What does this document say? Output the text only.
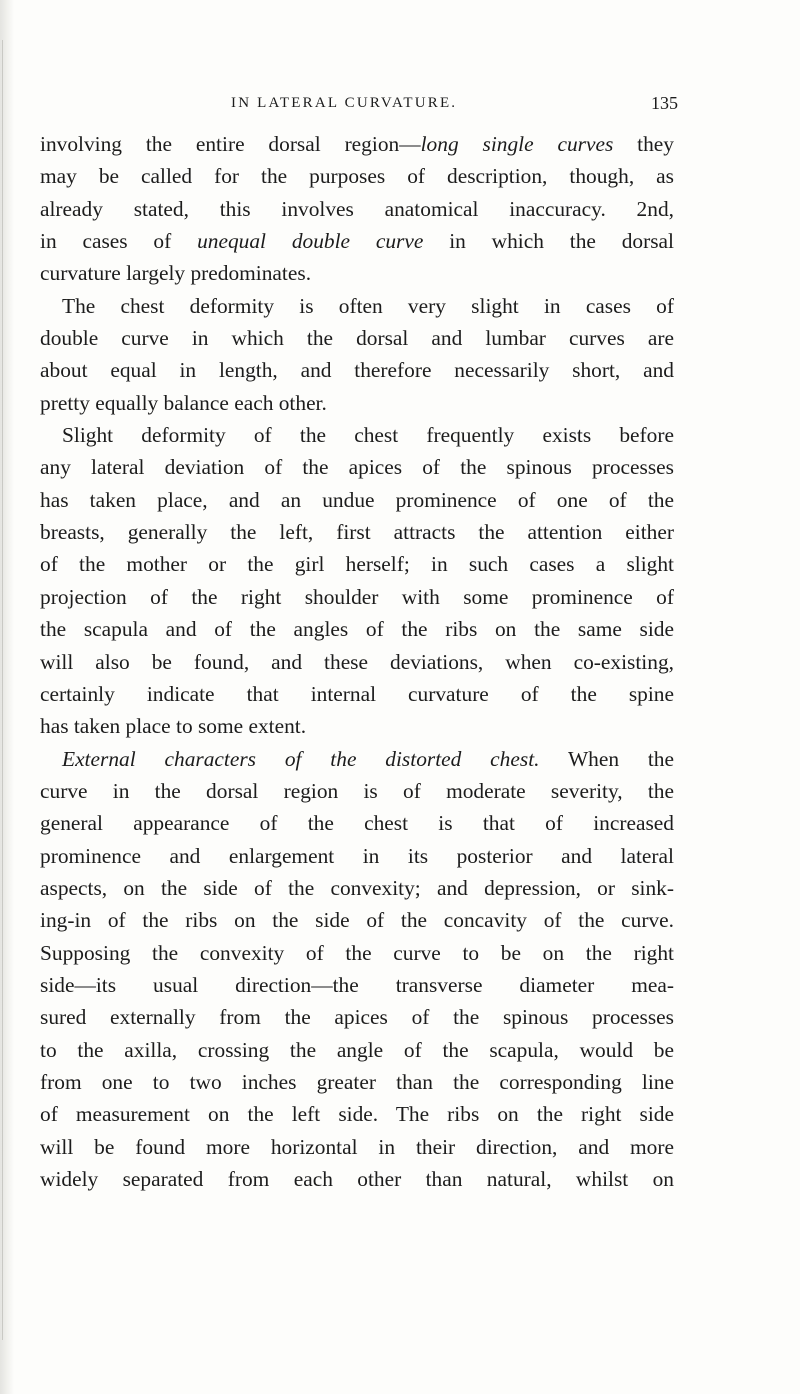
IN LATERAL CURVATURE.	135
involving the entire dorsal region—long single curves they
may be called for the purposes of description, though, as
already stated, this involves anatomical inaccuracy. 2nd,
in cases of unequal double curve in which the dorsal
curvature largely predominates.
The chest deformity is often very slight in cases of
double curve in which the dorsal and lumbar curves are
about equal in length, and therefore necessarily short, and
pretty equally balance each other.
Slight deformity of the chest frequently exists before
any lateral deviation of the apices of the spinous processes
has taken place, and an undue prominence of one of the
breasts, generally the left, first attracts the attention either
of the mother or the girl herself; in such cases a slight
projection of the right shoulder with some prominence of
the scapula and of the angles of the ribs on the same side
will also be found, and these deviations, when co-existing,
certainly indicate that internal curvature of the spine
has taken place to some extent.
External characters of the distorted chest. When the
curve in the dorsal region is of moderate severity, the
general appearance of the chest is that of increased
prominence and enlargement in its posterior and lateral
aspects, on the side of the convexity; and depression, or sink-
ing-in of the ribs on the side of the concavity of the curve.
Supposing the convexity of the curve to be on the right
side—its usual direction—the transverse diameter mea-
sured externally from the apices of the spinous processes
to the axilla, crossing the angle of the scapula, would be
from one to two inches greater than the corresponding line
of measurement on the left side. The ribs on the right side
will be found more horizontal in their direction, and more
widely separated from each other than natural, whilst on
